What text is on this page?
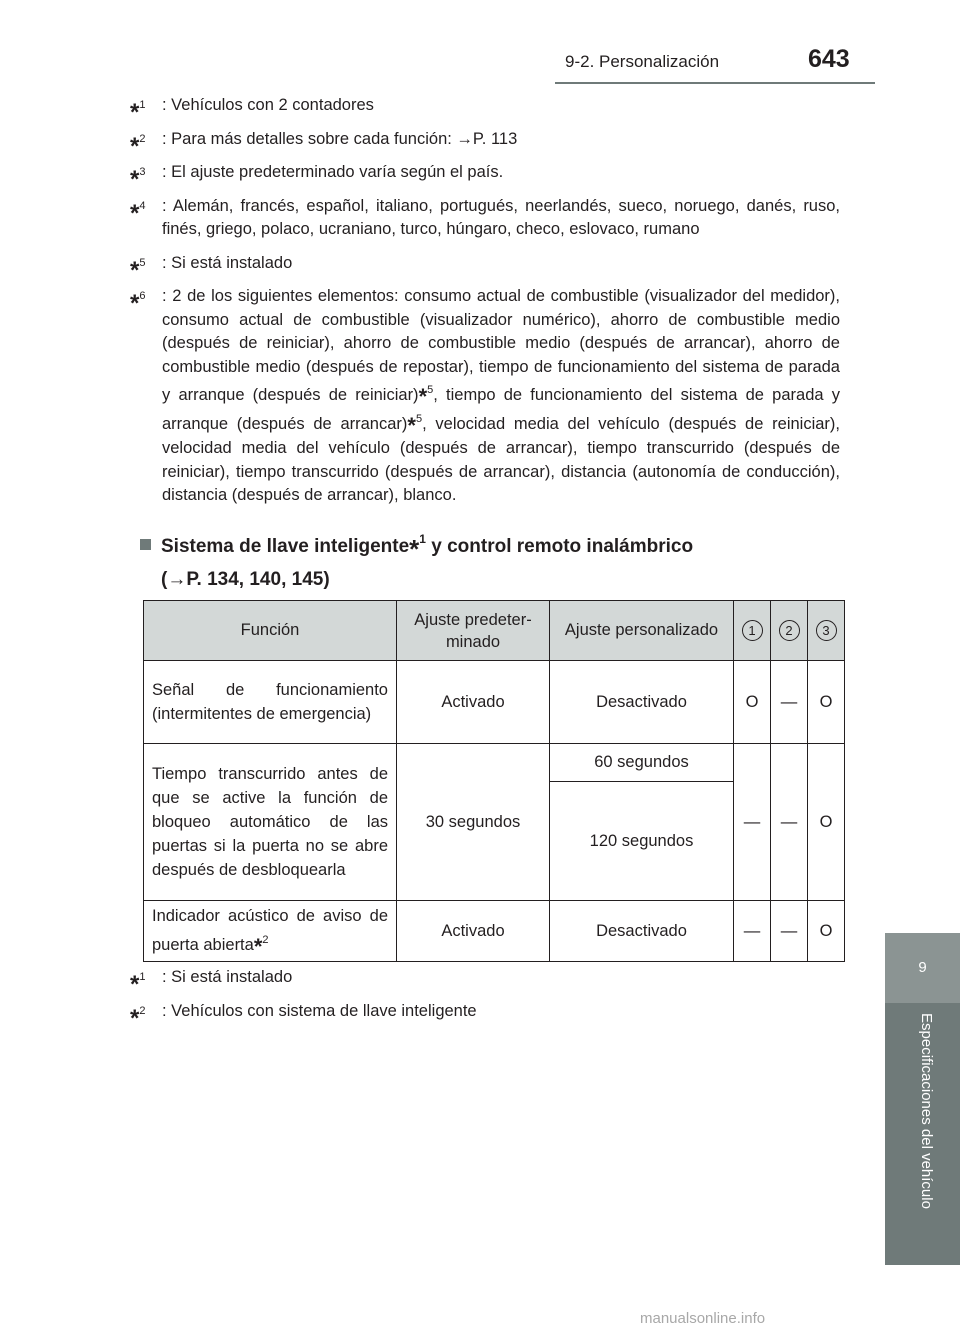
9-2. Personalización	643
*$^1$ : Vehículos con 2 contadores
*$^2$ : Para más detalles sobre cada función: →P. 113
*$^3$ : El ajuste predeterminado varía según el país.
*$^4$ : Alemán, francés, español, italiano, portugués, neerlandés, sueco, noruego, danés, ruso, finés, griego, polaco, ucraniano, turco, húngaro, checo, eslovaco, rumano
*$^5$ : Si está instalado
*$^6$ : 2 de los siguientes elementos: consumo actual de combustible (visualizador del medidor), consumo actual de combustible (visualizador numérico), ahorro de combustible medio (después de reiniciar), ahorro de combustible medio (después de arrancar), ahorro de combustible medio (después de repostar), tiempo de funcionamiento del sistema de parada y arranque (después de reiniciar)*$^5$, tiempo de funcionamiento del sistema de parada y arranque (después de arrancar)*$^5$, velocidad media del vehículo (después de reiniciar), velocidad media del vehículo (después de arrancar), tiempo transcurrido (después de reiniciar), tiempo transcurrido (después de arrancar), distancia (autonomía de conducción), distancia (después de arrancar), blanco.
Sistema de llave inteligente*$^1$ y control remoto inalámbrico
(→P. 134, 140, 145)
Función	Ajuste predeter-minado	Ajuste personalizado	1	2	3
Señal de funcionamiento (intermitentes de emergencia)	Activado	Desactivado	O	—	O
Tiempo transcurrido antes de que se active la función de bloqueo automático de las puertas si la puerta no se abre después de desbloquearla	30 segundos	60 segundos	—	—	O
		120 segundos			
Indicador acústico de aviso de puerta abierta*$^2$	Activado	Desactivado	—	—	O
*$^1$ : Si está instalado
*$^2$ : Vehículos con sistema de llave inteligente
9
Especificaciones del vehículo
manualsonline.info
